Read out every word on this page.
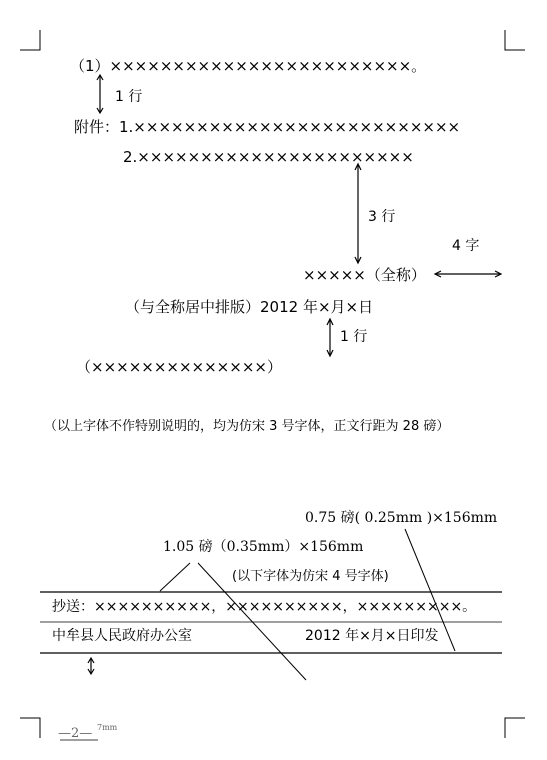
（1）××××××××××××××××××××××××。
1 行
附件：1.××××××××××××××××××××××××××
2.××××××××××××××××××××××
3 行
4 字
×××××（全称）
（与全称居中排版）2012 年×月×日
1 行
（××××××××××××××）
（以上字体不作特别说明的，均为仿宋 3 号字体，正文行距为 28 磅）
0.75 磅( 0.25mm )×156mm
1.05 磅（0.35mm）×156mm
(以下字体为仿宋 4 号字体)
抄送：××××××××××，××××××××××，×××××××××。
中牟县人民政府办公室	2012 年×月×日印发
—2— 7mm
